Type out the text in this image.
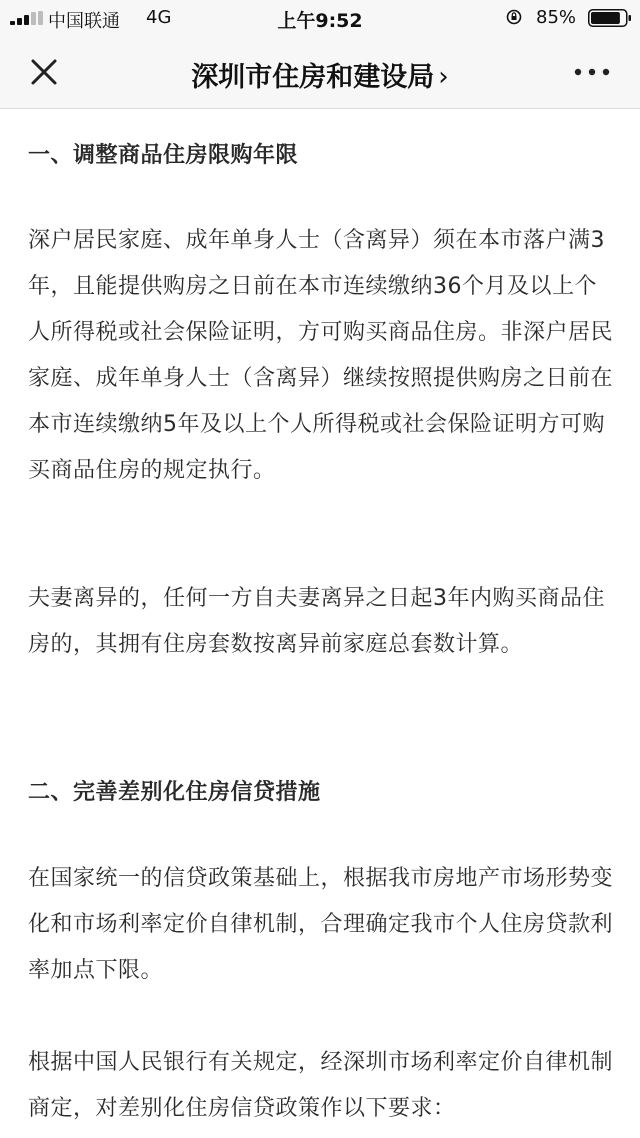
中国联通 4G	上午9:52	85%
深圳市住房和建设局 ›

一、调整商品住房限购年限

深户居民家庭、成年单身人士（含离异）须在本市落户满3年，且能提供购房之日前在本市连续缴纳36个月及以上个人所得税或社会保险证明，方可购买商品住房。非深户居民家庭、成年单身人士（含离异）继续按照提供购房之日前在本市连续缴纳5年及以上个人所得税或社会保险证明方可购买商品住房的规定执行。

夫妻离异的，任何一方自夫妻离异之日起3年内购买商品住房的，其拥有住房套数按离异前家庭总套数计算。

二、完善差别化住房信贷措施

在国家统一的信贷政策基础上，根据我市房地产市场形势变化和市场利率定价自律机制，合理确定我市个人住房贷款利率加点下限。

根据中国人民银行有关规定，经深圳市场利率定价自律机制商定，对差别化住房信贷政策作以下要求：
